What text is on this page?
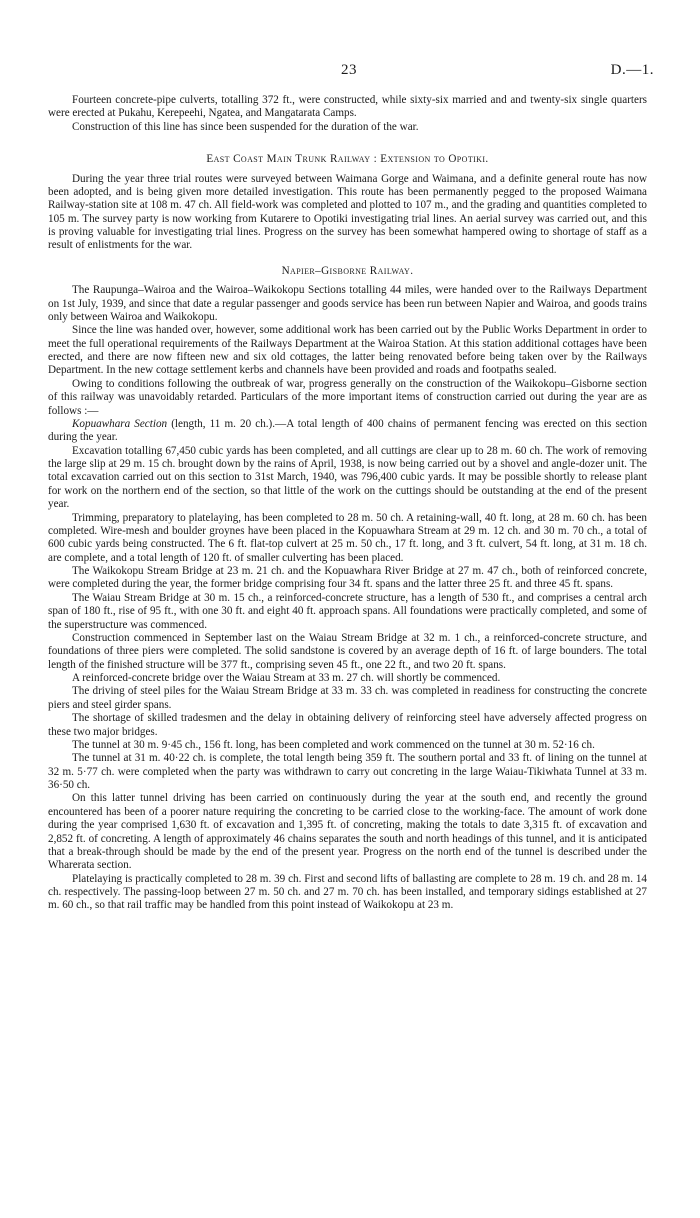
23	D.—1.

Fourteen concrete-pipe culverts, totalling 372 ft., were constructed, while sixty-six married and and twenty-six single quarters were erected at Pukahu, Kerepeehi, Ngatea, and Mangatarata Camps.

Construction of this line has since been suspended for the duration of the war.

East Coast Main Trunk Railway : Extension to Opotiki.

During the year three trial routes were surveyed between Waimana Gorge and Waimana, and a definite general route has now been adopted, and is being given more detailed investigation. This route has been permanently pegged to the proposed Waimana Railway-station site at 108 m. 47 ch. All field-work was completed and plotted to 107 m., and the grading and quantities completed to 105 m. The survey party is now working from Kutarere to Opotiki investigating trial lines. An aerial survey was carried out, and this is proving valuable for investigating trial lines. Progress on the survey has been somewhat hampered owing to shortage of staff as a result of enlistments for the war.

Napier–Gisborne Railway.

The Raupunga–Wairoa and the Wairoa–Waikokopu Sections totalling 44 miles, were handed over to the Railways Department on 1st July, 1939, and since that date a regular passenger and goods service has been run between Napier and Wairoa, and goods trains only between Wairoa and Waikokopu.

Since the line was handed over, however, some additional work has been carried out by the Public Works Department in order to meet the full operational requirements of the Railways Department at the Wairoa Station. At this station additional cottages have been erected, and there are now fifteen new and six old cottages, the latter being renovated before being taken over by the Railways Department. In the new cottage settlement kerbs and channels have been provided and roads and footpaths sealed.

Owing to conditions following the outbreak of war, progress generally on the construction of the Waikokopu–Gisborne section of this railway was unavoidably retarded. Particulars of the more important items of construction carried out during the year are as follows :—

Kopuawhara Section (length, 11 m. 20 ch.).—A total length of 400 chains of permanent fencing was erected on this section during the year.

Excavation totalling 67,450 cubic yards has been completed, and all cuttings are clear up to 28 m. 60 ch. The work of removing the large slip at 29 m. 15 ch. brought down by the rains of April, 1938, is now being carried out by a shovel and angle-dozer unit. The total excavation carried out on this section to 31st March, 1940, was 796,400 cubic yards. It may be possible shortly to release plant for work on the northern end of the section, so that little of the work on the cuttings should be outstanding at the end of the present year.

Trimming, preparatory to platelaying, has been completed to 28 m. 50 ch. A retaining-wall, 40 ft. long, at 28 m. 60 ch. has been completed. Wire-mesh and boulder groynes have been placed in the Kopuawhara Stream at 29 m. 12 ch. and 30 m. 70 ch., a total of 600 cubic yards being constructed. The 6 ft. flat-top culvert at 25 m. 50 ch., 17 ft. long, and 3 ft. culvert, 54 ft. long, at 31 m. 18 ch. are complete, and a total length of 120 ft. of smaller culverting has been placed.

The Waikokopu Stream Bridge at 23 m. 21 ch. and the Kopuawhara River Bridge at 27 m. 47 ch., both of reinforced concrete, were completed during the year, the former bridge comprising four 34 ft. spans and the latter three 25 ft. and three 45 ft. spans.

The Waiau Stream Bridge at 30 m. 15 ch., a reinforced-concrete structure, has a length of 530 ft., and comprises a central arch span of 180 ft., rise of 95 ft., with one 30 ft. and eight 40 ft. approach spans. All foundations were practically completed, and some of the superstructure was commenced.

Construction commenced in September last on the Waiau Stream Bridge at 32 m. 1 ch., a reinforced-concrete structure, and foundations of three piers were completed. The solid sandstone is covered by an average depth of 16 ft. of large bounders. The total length of the finished structure will be 377 ft., comprising seven 45 ft., one 22 ft., and two 20 ft. spans.

A reinforced-concrete bridge over the Waiau Stream at 33 m. 27 ch. will shortly be commenced.

The driving of steel piles for the Waiau Stream Bridge at 33 m. 33 ch. was completed in readiness for constructing the concrete piers and steel girder spans.

The shortage of skilled tradesmen and the delay in obtaining delivery of reinforcing steel have adversely affected progress on these two major bridges.

The tunnel at 30 m. 9·45 ch., 156 ft. long, has been completed and work commenced on the tunnel at 30 m. 52·16 ch.

The tunnel at 31 m. 40·22 ch. is complete, the total length being 359 ft. The southern portal and 33 ft. of lining on the tunnel at 32 m. 5·77 ch. were completed when the party was withdrawn to carry out concreting in the large Waiau-Tikiwhata Tunnel at 33 m. 36·50 ch.

On this latter tunnel driving has been carried on continuously during the year at the south end, and recently the ground encountered has been of a poorer nature requiring the concreting to be carried close to the working-face. The amount of work done during the year comprised 1,630 ft. of excavation and 1,395 ft. of concreting, making the totals to date 3,315 ft. of excavation and 2,852 ft. of concreting. A length of approximately 46 chains separates the south and north headings of this tunnel, and it is anticipated that a break-through should be made by the end of the present year. Progress on the north end of the tunnel is described under the Wharerata section.

Platelaying is practically completed to 28 m. 39 ch. First and second lifts of ballasting are complete to 28 m. 19 ch. and 28 m. 14 ch. respectively. The passing-loop between 27 m. 50 ch. and 27 m. 70 ch. has been installed, and temporary sidings established at 27 m. 60 ch., so that rail traffic may be handled from this point instead of Waikokopu at 23 m.
